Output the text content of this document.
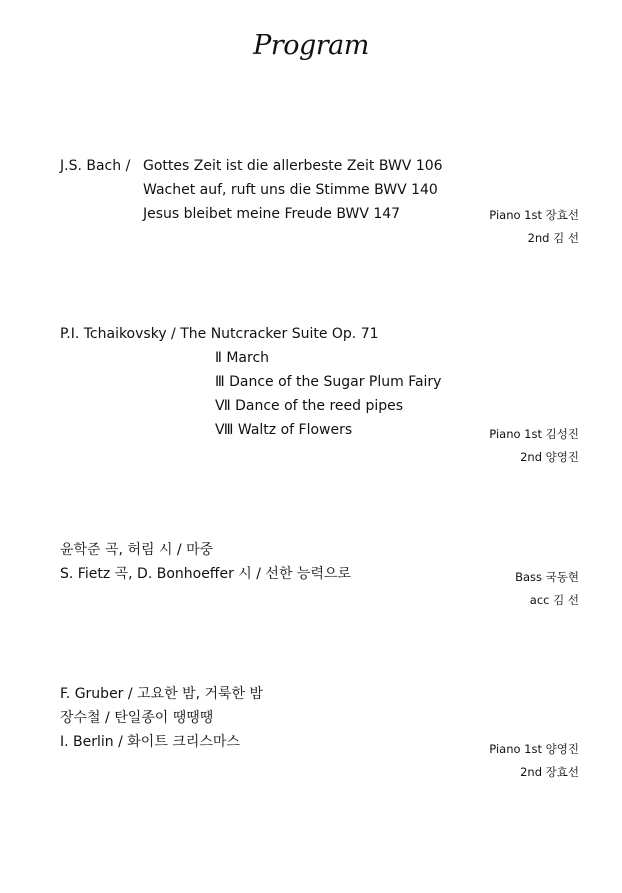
Program
J.S. Bach / Gottes Zeit ist die allerbeste Zeit BWV 106
Wachet auf, ruft uns die Stimme BWV 140
Jesus bleibet meine Freude BWV 147	Piano 1st 장효선
2nd 김 선
P.I. Tchaikovsky / The Nutcracker Suite Op. 71
Ⅱ March
Ⅲ Dance of the Sugar Plum Fairy
Ⅶ Dance of the reed pipes
Ⅷ Waltz of Flowers	Piano 1st 김성진
2nd 양영진
윤학준 곡, 허림 시 / 마중
S. Fietz 곡, D. Bonhoeffer 시 / 선한 능력으로	Bass 국동현
acc 김 선
F. Gruber / 고요한 밤, 거룩한 밤
장수철 / 탄일종이 땡땡땡
I. Berlin / 화이트 크리스마스	Piano 1st 양영진
2nd 장효선
